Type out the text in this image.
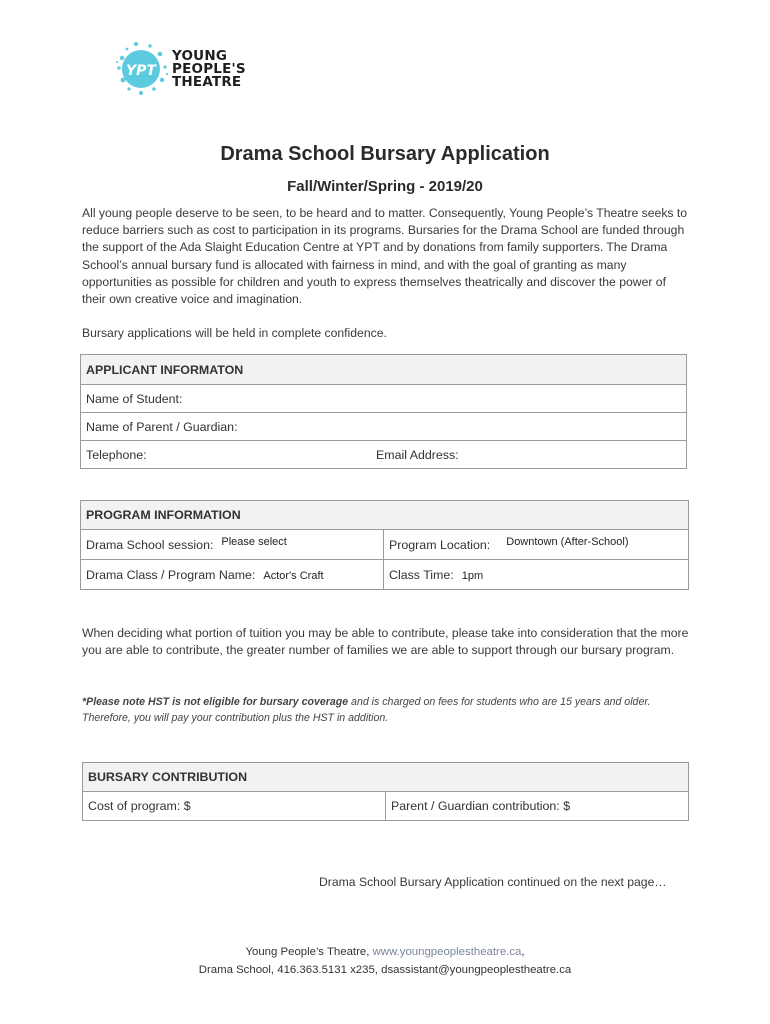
YPT
YOUNG
PEOPLE'S
THEATRE
Drama School Bursary Application
Fall/Winter/Spring - 2019/20

All young people deserve to be seen, to be heard and to matter. Consequently, Young People’s Theatre seeks to reduce barriers such as cost to participation in its programs. Bursaries for the Drama School are funded through the support of the Ada Slaight Education Centre at YPT and by donations from family supporters. The Drama School’s annual bursary fund is allocated with fairness in mind, and with the goal of granting as many opportunities as possible for children and youth to express themselves theatrically and discover the power of their own creative voice and imagination.

Bursary applications will be held in complete confidence.

APPLICANT INFORMATON
Name of Student:
Name of Parent / Guardian:
Telephone:	Email Address:
PROGRAM INFORMATION	
Drama School session: Please select	Program Location: Downtown (After-School)
Drama Class / Program Name: Actor's Craft	Class Time: 1pm

When deciding what portion of tuition you may be able to contribute, please take into consideration that the more you are able to contribute, the greater number of families we are able to support through our bursary program.

*Please note HST is not eligible for bursary coverage and is charged on fees for students who are 15 years and older. Therefore, you will pay your contribution plus the HST in addition.

BURSARY CONTRIBUTION
Cost of program: $	Parent / Guardian contribution: $
Drama School Bursary Application continued on the next page…
Young People’s Theatre, www.youngpeoplestheatre.ca,
Drama School, 416.363.5131 x235, dsassistant@youngpeoplestheatre.ca
